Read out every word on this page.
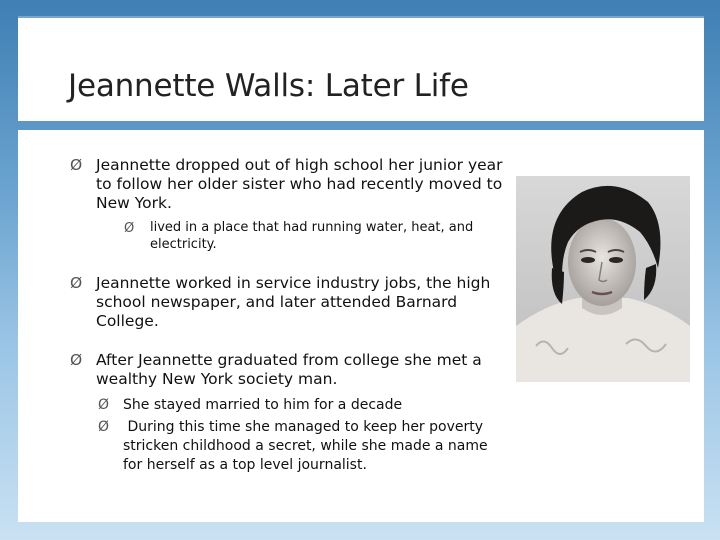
Jeannette Walls: Later Life
Ø Jeannette dropped out of high school her junior year
to follow her older sister who had recently moved to
New York.
Ø lived in a place that had running water, heat, and
electricity.
Ø Jeannette worked in service industry jobs, the high
school newspaper, and later attended Barnard
College.
Ø After Jeannette graduated from college she met a
wealthy New York society man.
Ø She stayed married to him for a decade
Ø During this time she managed to keep her poverty
stricken childhood a secret, while she made a name
for herself as a top level journalist.
